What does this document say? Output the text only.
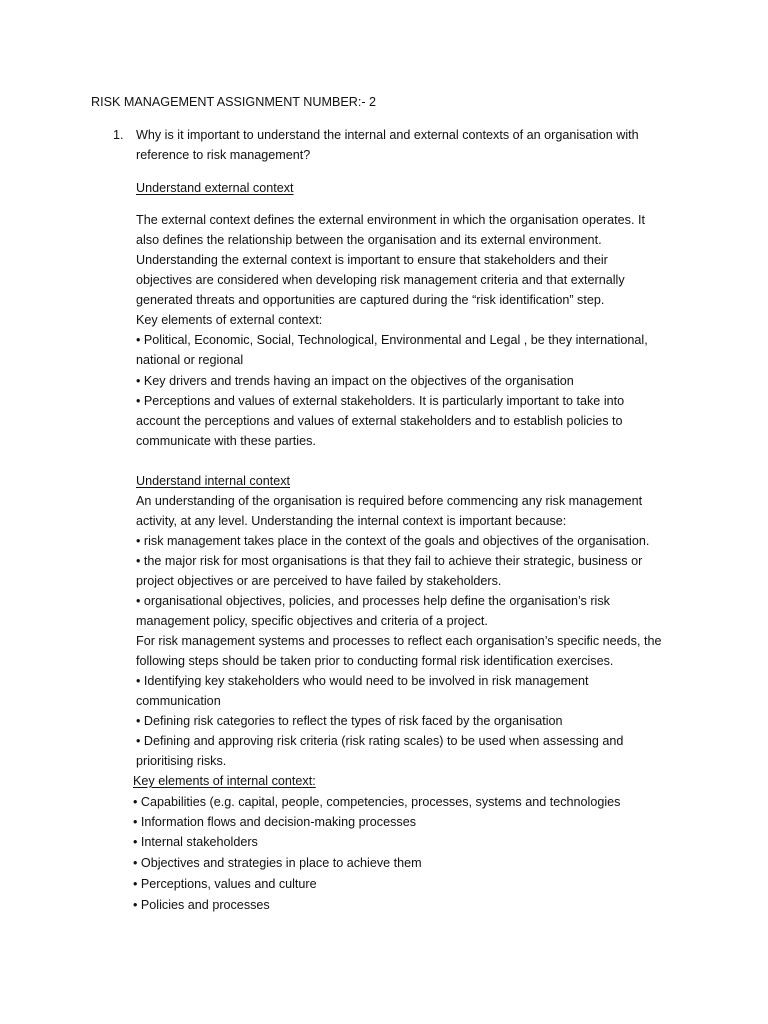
RISK MANAGEMENT ASSIGNMENT NUMBER:- 2
1. Why is it important to understand the internal and external contexts of an organisation with
reference to risk management?
Understand external context
The external context defines the external environment in which the organisation operates. It
also defines the relationship between the organisation and its external environment.
Understanding the external context is important to ensure that stakeholders and their
objectives are considered when developing risk management criteria and that externally
generated threats and opportunities are captured during the “risk identification” step.
Key elements of external context:
• Political, Economic, Social, Technological, Environmental and Legal , be they international,
national or regional
• Key drivers and trends having an impact on the objectives of the organisation
• Perceptions and values of external stakeholders. It is particularly important to take into
account the perceptions and values of external stakeholders and to establish policies to
communicate with these parties.
Understand internal context
An understanding of the organisation is required before commencing any risk management
activity, at any level. Understanding the internal context is important because:
• risk management takes place in the context of the goals and objectives of the organisation.
• the major risk for most organisations is that they fail to achieve their strategic, business or
project objectives or are perceived to have failed by stakeholders.
• organisational objectives, policies, and processes help define the organisation’s risk
management policy, specific objectives and criteria of a project.
For risk management systems and processes to reflect each organisation’s specific needs, the
following steps should be taken prior to conducting formal risk identification exercises.
• Identifying key stakeholders who would need to be involved in risk management
communication
• Defining risk categories to reflect the types of risk faced by the organisation
• Defining and approving risk criteria (risk rating scales) to be used when assessing and
prioritising risks.
Key elements of internal context:
• Capabilities (e.g. capital, people, competencies, processes, systems and technologies
• Information flows and decision-making processes
• Internal stakeholders
• Objectives and strategies in place to achieve them
• Perceptions, values and culture
• Policies and processes
